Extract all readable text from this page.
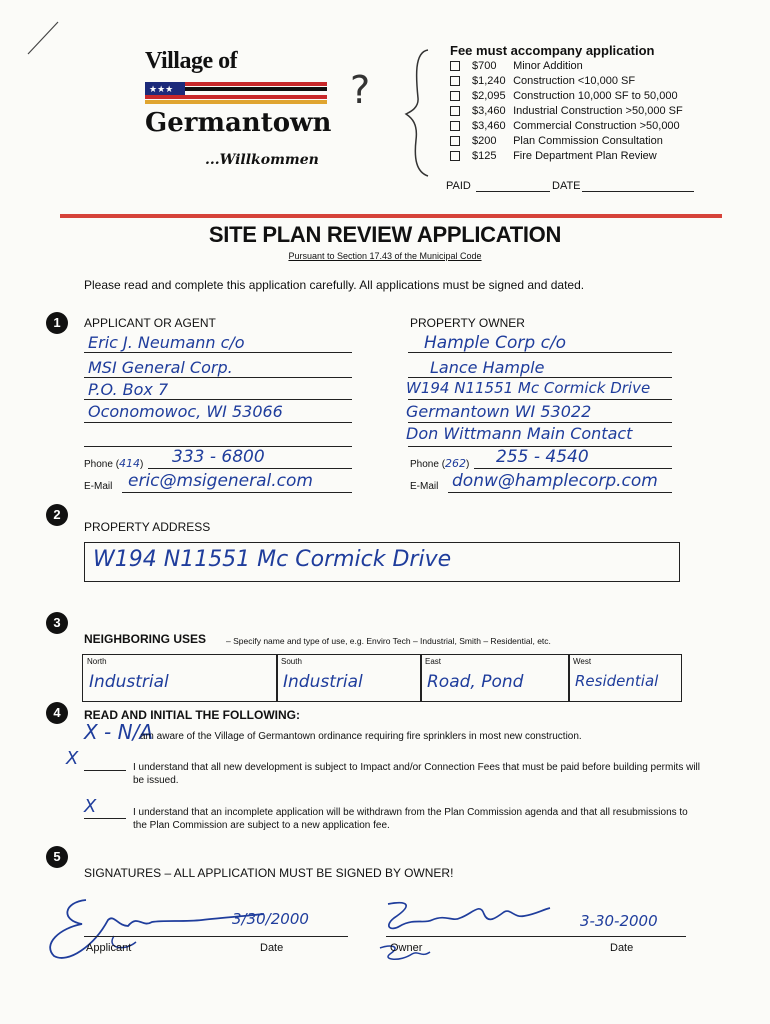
Village of
★★★
Germantown
...Willkommen
?
Fee must accompany application
$700 Minor Addition
$1,240 Construction <10,000 SF
$2,095 Construction 10,000 SF to 50,000
$3,460 Industrial Construction >50,000 SF
$3,460 Commercial Construction >50,000
$200 Plan Commission Consultation
$125 Fire Department Plan Review
PAID	DATE
SITE PLAN REVIEW APPLICATION
Pursuant to Section 17.43 of the Municipal Code
Please read and complete this application carefully. All applications must be signed and dated.
1	APPLICANT OR AGENT	PROPERTY OWNER
Eric J. Neumann c/o
MSI General Corp.
P.O. Box 7
Oconomowoc, WI 53066
Hample Corp c/o
Lance Hample
W194 N11551 Mc Cormick Drive
Germantown WI 53022
Don Wittmann Main Contact
Phone (414) 333 - 6800	Phone (262) 255 - 4540
E-Mail eric@msigeneral.com	E-Mail donw@hamplecorp.com
2
PROPERTY ADDRESS
W194 N11551 Mc Cormick Drive
3
NEIGHBORING USES – Specify name and type of use, e.g. Enviro Tech – Industrial, Smith – Residential, etc.
North
Industrial
South
Industrial
East
Road, Pond
West
Residential
4	READ AND INITIAL THE FOLLOWING:
X - N/A
am aware of the Village of Germantown ordinance requiring fire sprinklers in most new construction.
X	I understand that all new development is subject to Impact and/or Connection Fees that must be paid before building permits will be issued.
X	I understand that an incomplete application will be withdrawn from the Plan Commission agenda and that all resubmissions to the Plan Commission are subject to a new application fee.
5
SIGNATURES – ALL APPLICATION MUST BE SIGNED BY OWNER!
3/30/2000
Applicant	Date
3-30-2000
Owner	Date
